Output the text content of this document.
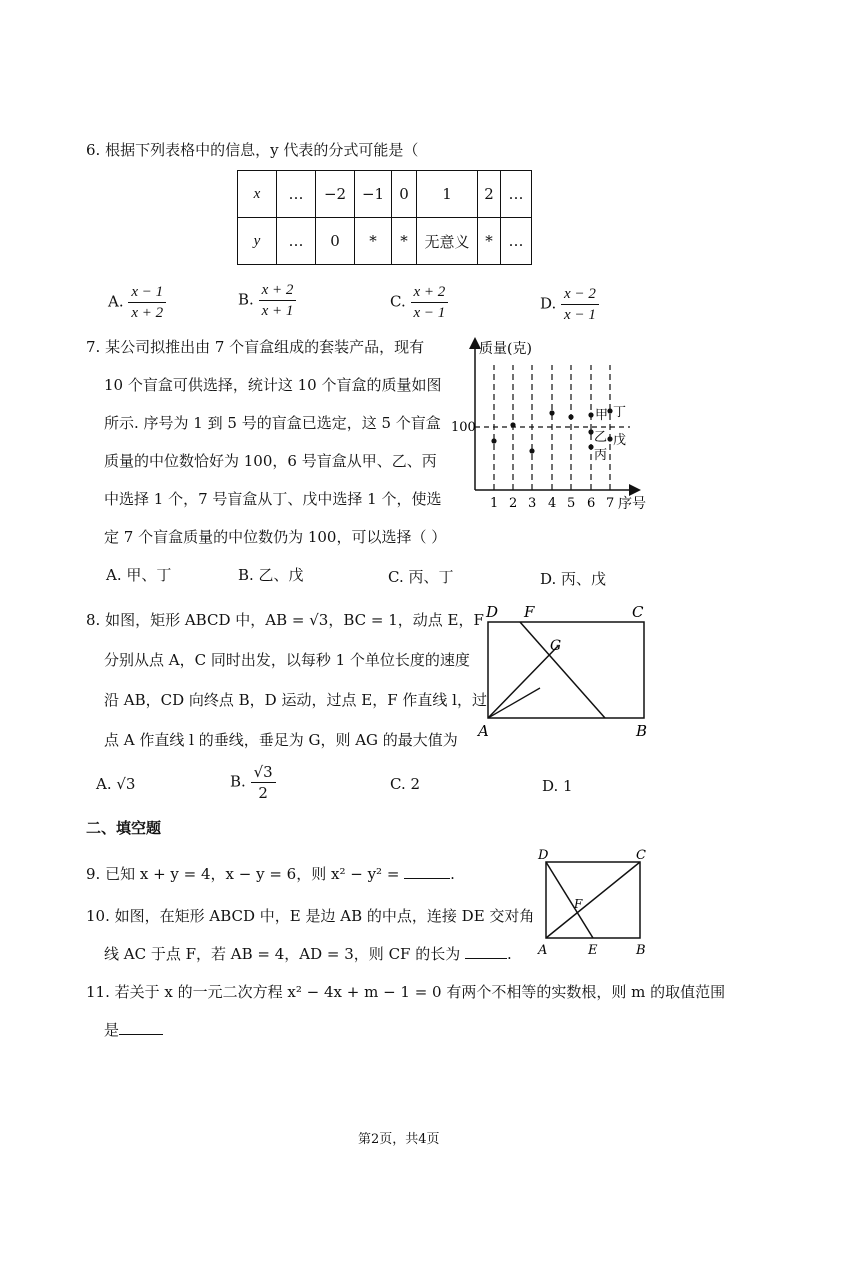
6. 根据下列表格中的信息，y 代表的分式可能是（
x	…	−2	−1	0	1	2	…
y	…	0	*	*	无意义	*	…
A. $\frac{x - 1}{x + 2}$	B. $\frac{x + 2}{x + 1}$	C. $\frac{x + 2}{x - 1}$	D. $\frac{x - 2}{x - 1}$
7. 某公司拟推出由 7 个盲盒组成的套装产品，现有
10 个盲盒可供选择，统计这 10 个盲盒的质量如图
所示. 序号为 1 到 5 号的盲盒已选定，这 5 个盲盒
质量的中位数恰好为 100，6 号盲盒从甲、乙、丙
中选择 1 个，7 号盲盒从丁、戊中选择 1 个，使选
定 7 个盲盒质量的中位数仍为 100，可以选择（ ）
质量(克)
100
序号
1 2 3 4 5 6 7
甲 丁
乙 戊
丙
A. 甲、丁	B. 乙、戊	C. 丙、丁	D. 丙、戊
8. 如图，矩形 ABCD 中，AB = √3，BC = 1，动点 E，F
分别从点 A，C 同时出发，以每秒 1 个单位长度的速度
沿 AB，CD 向终点 B，D 运动，过点 E，F 作直线 l，过
点 A 作直线 l 的垂线，垂足为 G，则 AG 的最大值为
D F	C
G
A	B
A. √3	B. $\frac{√3}{2}$	C. 2	D. 1
二、填空题
9. 已知 x + y = 4，x − y = 6，则 x² − y² =	.
D	C
F
A	E	B
10. 如图，在矩形 ABCD 中，E 是边 AB 的中点，连接 DE 交对角
线 AC 于点 F，若 AB = 4，AD = 3，则 CF 的长为	.
11. 若关于 x 的一元二次方程 x² − 4x + m − 1 = 0 有两个不相等的实数根，则 m 的取值范围
是
第2页，共4页
